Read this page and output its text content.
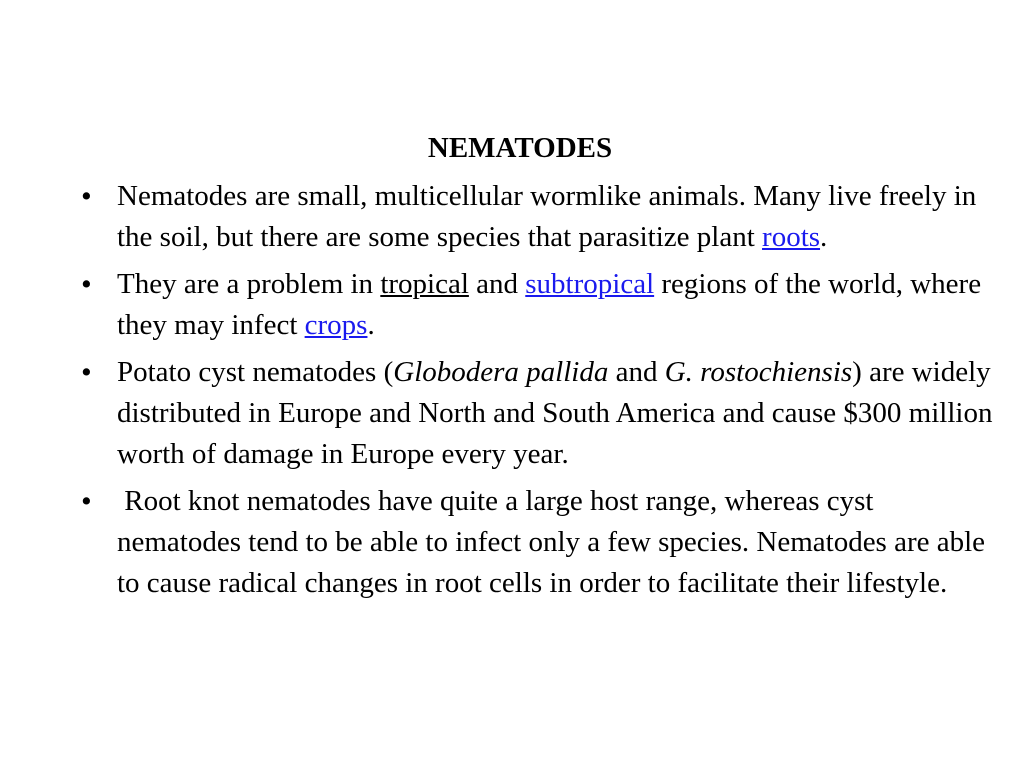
NEMATODES
• Nematodes are small, multicellular wormlike animals. Many live freely in the soil, but there are some species that parasitize plant roots.
• They are a problem in tropical and subtropical regions of the world, where they may infect crops.
• Potato cyst nematodes (Globodera pallida and G. rostochiensis) are widely distributed in Europe and North and South America and cause $300 million worth of damage in Europe every year.
• Root knot nematodes have quite a large host range, whereas cyst nematodes tend to be able to infect only a few species. Nematodes are able to cause radical changes in root cells in order to facilitate their lifestyle.
